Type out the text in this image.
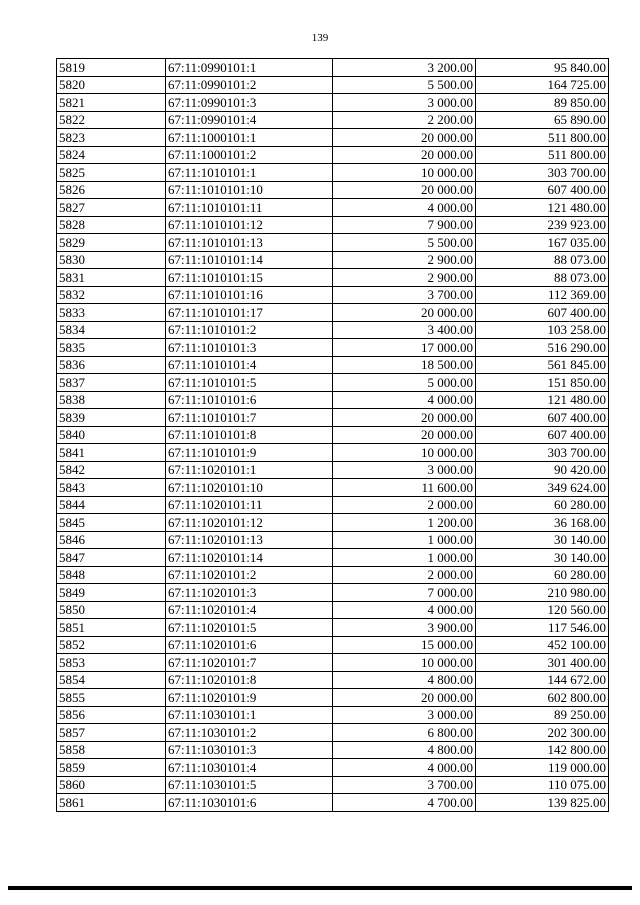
139
5819	67:11:0990101:1	3 200.00	95 840.00
5820	67:11:0990101:2	5 500.00	164 725.00
5821	67:11:0990101:3	3 000.00	89 850.00
5822	67:11:0990101:4	2 200.00	65 890.00
5823	67:11:1000101:1	20 000.00	511 800.00
5824	67:11:1000101:2	20 000.00	511 800.00
5825	67:11:1010101:1	10 000.00	303 700.00
5826	67:11:1010101:10	20 000.00	607 400.00
5827	67:11:1010101:11	4 000.00	121 480.00
5828	67:11:1010101:12	7 900.00	239 923.00
5829	67:11:1010101:13	5 500.00	167 035.00
5830	67:11:1010101:14	2 900.00	88 073.00
5831	67:11:1010101:15	2 900.00	88 073.00
5832	67:11:1010101:16	3 700.00	112 369.00
5833	67:11:1010101:17	20 000.00	607 400.00
5834	67:11:1010101:2	3 400.00	103 258.00
5835	67:11:1010101:3	17 000.00	516 290.00
5836	67:11:1010101:4	18 500.00	561 845.00
5837	67:11:1010101:5	5 000.00	151 850.00
5838	67:11:1010101:6	4 000.00	121 480.00
5839	67:11:1010101:7	20 000.00	607 400.00
5840	67:11:1010101:8	20 000.00	607 400.00
5841	67:11:1010101:9	10 000.00	303 700.00
5842	67:11:1020101:1	3 000.00	90 420.00
5843	67:11:1020101:10	11 600.00	349 624.00
5844	67:11:1020101:11	2 000.00	60 280.00
5845	67:11:1020101:12	1 200.00	36 168.00
5846	67:11:1020101:13	1 000.00	30 140.00
5847	67:11:1020101:14	1 000.00	30 140.00
5848	67:11:1020101:2	2 000.00	60 280.00
5849	67:11:1020101:3	7 000.00	210 980.00
5850	67:11:1020101:4	4 000.00	120 560.00
5851	67:11:1020101:5	3 900.00	117 546.00
5852	67:11:1020101:6	15 000.00	452 100.00
5853	67:11:1020101:7	10 000.00	301 400.00
5854	67:11:1020101:8	4 800.00	144 672.00
5855	67:11:1020101:9	20 000.00	602 800.00
5856	67:11:1030101:1	3 000.00	89 250.00
5857	67:11:1030101:2	6 800.00	202 300.00
5858	67:11:1030101:3	4 800.00	142 800.00
5859	67:11:1030101:4	4 000.00	119 000.00
5860	67:11:1030101:5	3 700.00	110 075.00
5861	67:11:1030101:6	4 700.00	139 825.00
